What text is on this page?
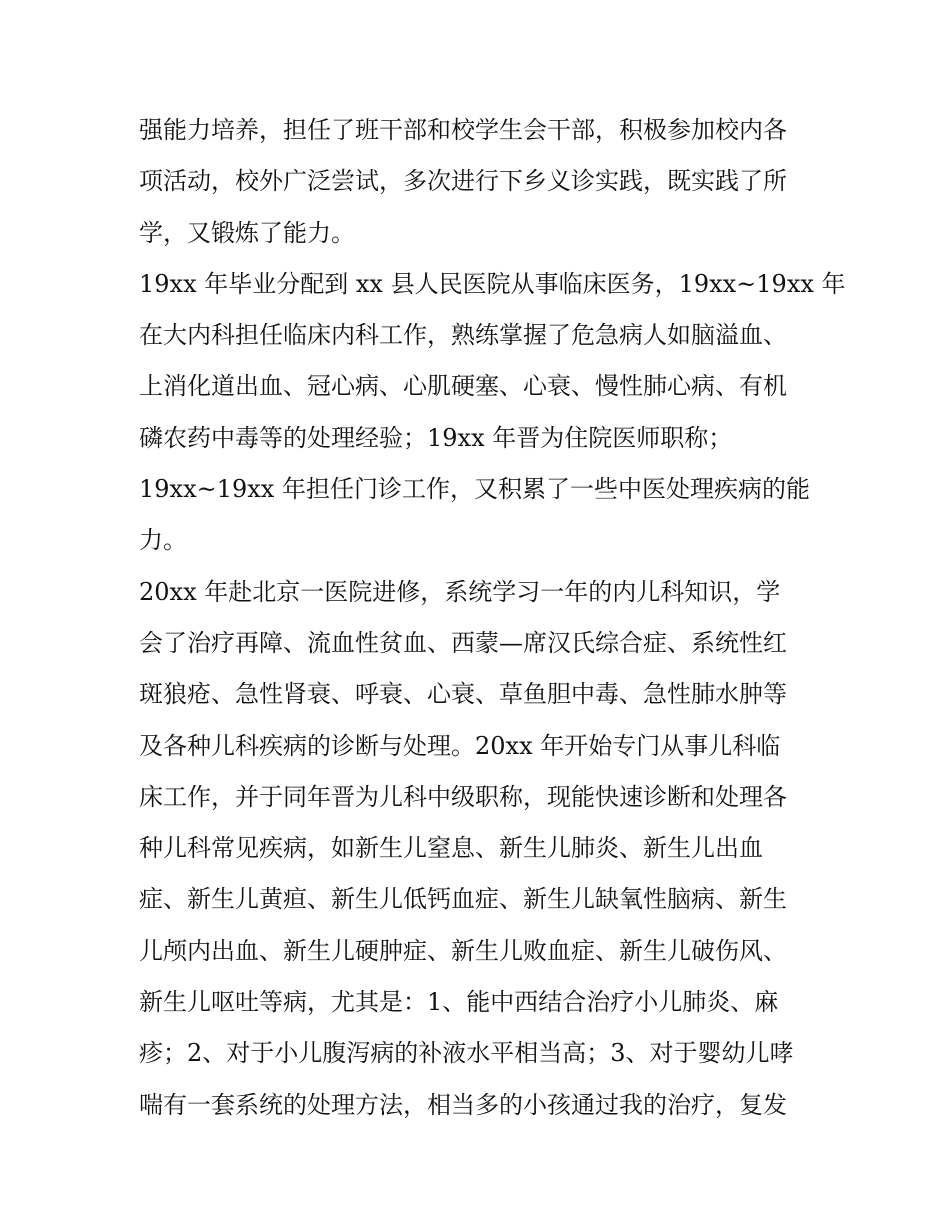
强能力培养，担任了班干部和校学生会干部，积极参加校内各
项活动，校外广泛尝试，多次进行下乡义诊实践，既实践了所
学，又锻炼了能力。
19xx 年毕业分配到 xx 县人民医院从事临床医务，19xx~19xx 年
在大内科担任临床内科工作，熟练掌握了危急病人如脑溢血、
上消化道出血、冠心病、心肌硬塞、心衰、慢性肺心病、有机
磷农药中毒等的处理经验；19xx 年晋为住院医师职称；
19xx~19xx 年担任门诊工作，又积累了一些中医处理疾病的能
力。
20xx 年赴北京一医院进修，系统学习一年的内儿科知识，学
会了治疗再障、流血性贫血、西蒙—席汉氏综合症、系统性红
斑狼疮、急性肾衰、呼衰、心衰、草鱼胆中毒、急性肺水肿等
及各种儿科疾病的诊断与处理。20xx 年开始专门从事儿科临
床工作，并于同年晋为儿科中级职称，现能快速诊断和处理各
种儿科常见疾病，如新生儿窒息、新生儿肺炎、新生儿出血
症、新生儿黄疸、新生儿低钙血症、新生儿缺氧性脑病、新生
儿颅内出血、新生儿硬肿症、新生儿败血症、新生儿破伤风、
新生儿呕吐等病，尤其是：1、能中西结合治疗小儿肺炎、麻
疹；2、对于小儿腹泻病的补液水平相当高；3、对于婴幼儿哮
喘有一套系统的处理方法，相当多的小孩通过我的治疗，复发
